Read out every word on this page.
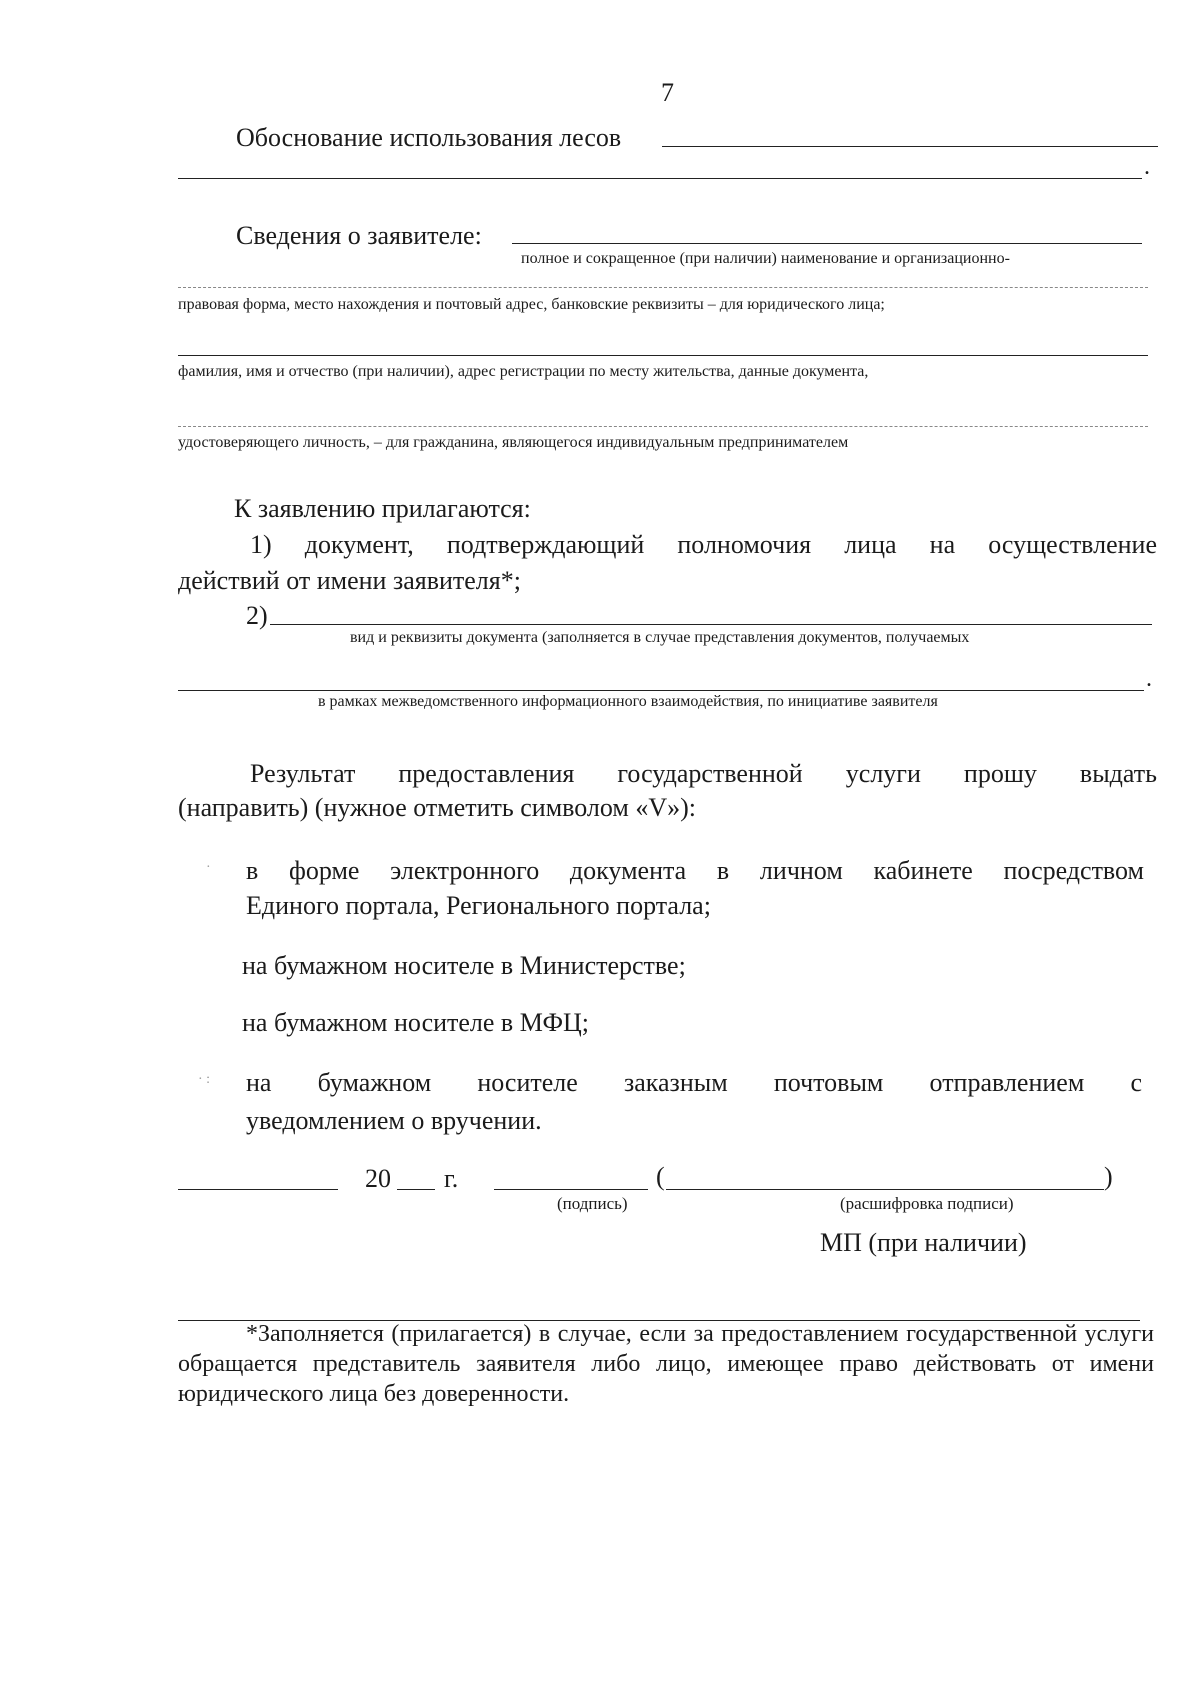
7
Обоснование использования лесов
.
Сведения о заявителе:
полное и сокращенное (при наличии) наименование и организационно-
правовая форма, место нахождения и почтовый адрес, банковские реквизиты – для юридического лица;
фамилия, имя и отчество (при наличии), адрес регистрации по месту жительства, данные документа,
удостоверяющего личность, – для гражданина, являющегося индивидуальным предпринимателем
К заявлению прилагаются:
1) документ, подтверждающий полномочия лица на осуществление
действий от имени заявителя*;
2)
вид и реквизиты документа (заполняется в случае представления документов, получаемых
.
в рамках межведомственного информационного взаимодействия, по инициативе заявителя
Результат предоставления государственной услуги прошу выдать
(направить) (нужное отметить символом «V»):
· в форме электронного документа в личном кабинете посредством
Единого портала, Регионального портала;
на бумажном носителе в Министерстве;
на бумажном носителе в МФЦ;
· : на бумажном носителе заказным почтовым отправлением с
уведомлением о вручении.
20 г.	(	)
(подпись)	(расшифровка подписи)
МП (при наличии)
*Заполняется (прилагается) в случае, если за предоставлением государственной услуги
обращается представитель заявителя либо лицо, имеющее право действовать от имени
юридического лица без доверенности.
